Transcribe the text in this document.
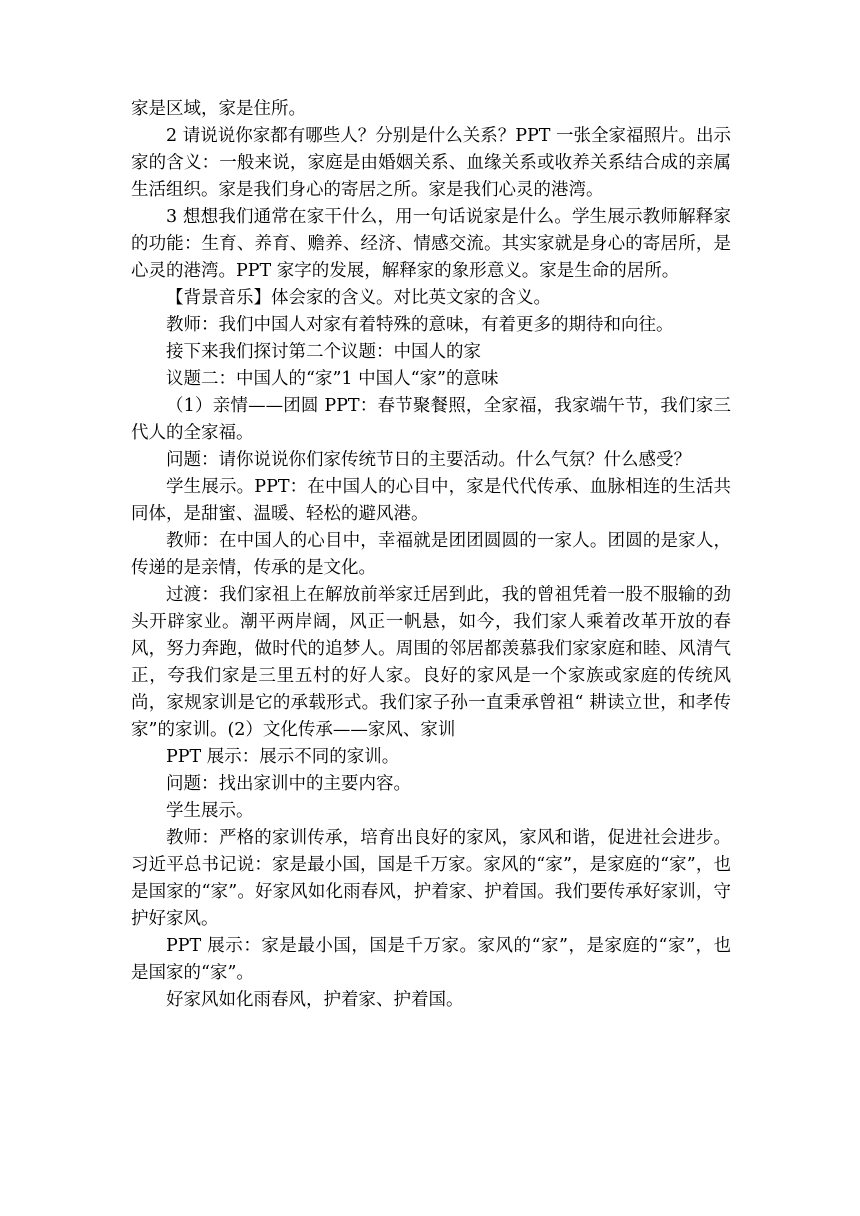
家是区域，家是住所。

2 请说说你家都有哪些人？分别是什么关系？PPT 一张全家福照片。出示家的含义：一般来说，家庭是由婚姻关系、血缘关系或收养关系结合成的亲属生活组织。家是我们身心的寄居之所。家是我们心灵的港湾。

3 想想我们通常在家干什么，用一句话说家是什么。学生展示教师解释家的功能：生育、养育、赡养、经济、情感交流。其实家就是身心的寄居所，是心灵的港湾。PPT 家字的发展，解释家的象形意义。家是生命的居所。

【背景音乐】体会家的含义。对比英文家的含义。

教师：我们中国人对家有着特殊的意味，有着更多的期待和向往。

接下来我们探讨第二个议题：中国人的家

议题二：中国人的“家”1 中国人“家”的意味

（1）亲情——团圆 PPT：春节聚餐照，全家福，我家端午节，我们家三代人的全家福。

问题：请你说说你们家传统节日的主要活动。什么气氛？什么感受？

学生展示。PPT：在中国人的心目中，家是代代传承、血脉相连的生活共同体，是甜蜜、温暖、轻松的避风港。

教师：在中国人的心目中，幸福就是团团圆圆的一家人。团圆的是家人，传递的是亲情，传承的是文化。

过渡：我们家祖上在解放前举家迁居到此，我的曾祖凭着一股不服输的劲头开辟家业。潮平两岸阔，风正一帆悬，如今，我们家人乘着改革开放的春风，努力奔跑，做时代的追梦人。周围的邻居都羡慕我们家家庭和睦、风清气正，夸我们家是三里五村的好人家。良好的家风是一个家族或家庭的传统风尚，家规家训是它的承载形式。我们家子孙一直秉承曾祖“ 耕读立世，和孝传家”的家训。(2）文化传承——家风、家训

PPT 展示：展示不同的家训。

问题：找出家训中的主要内容。

学生展示。

教师：严格的家训传承，培育出良好的家风，家风和谐，促进社会进步。习近平总书记说：家是最小国，国是千万家。家风的“家”，是家庭的“家”，也是国家的“家”。好家风如化雨春风，护着家、护着国。我们要传承好家训，守护好家风。

PPT 展示：家是最小国，国是千万家。家风的“家”，是家庭的“家”，也是国家的“家”。

好家风如化雨春风，护着家、护着国。
